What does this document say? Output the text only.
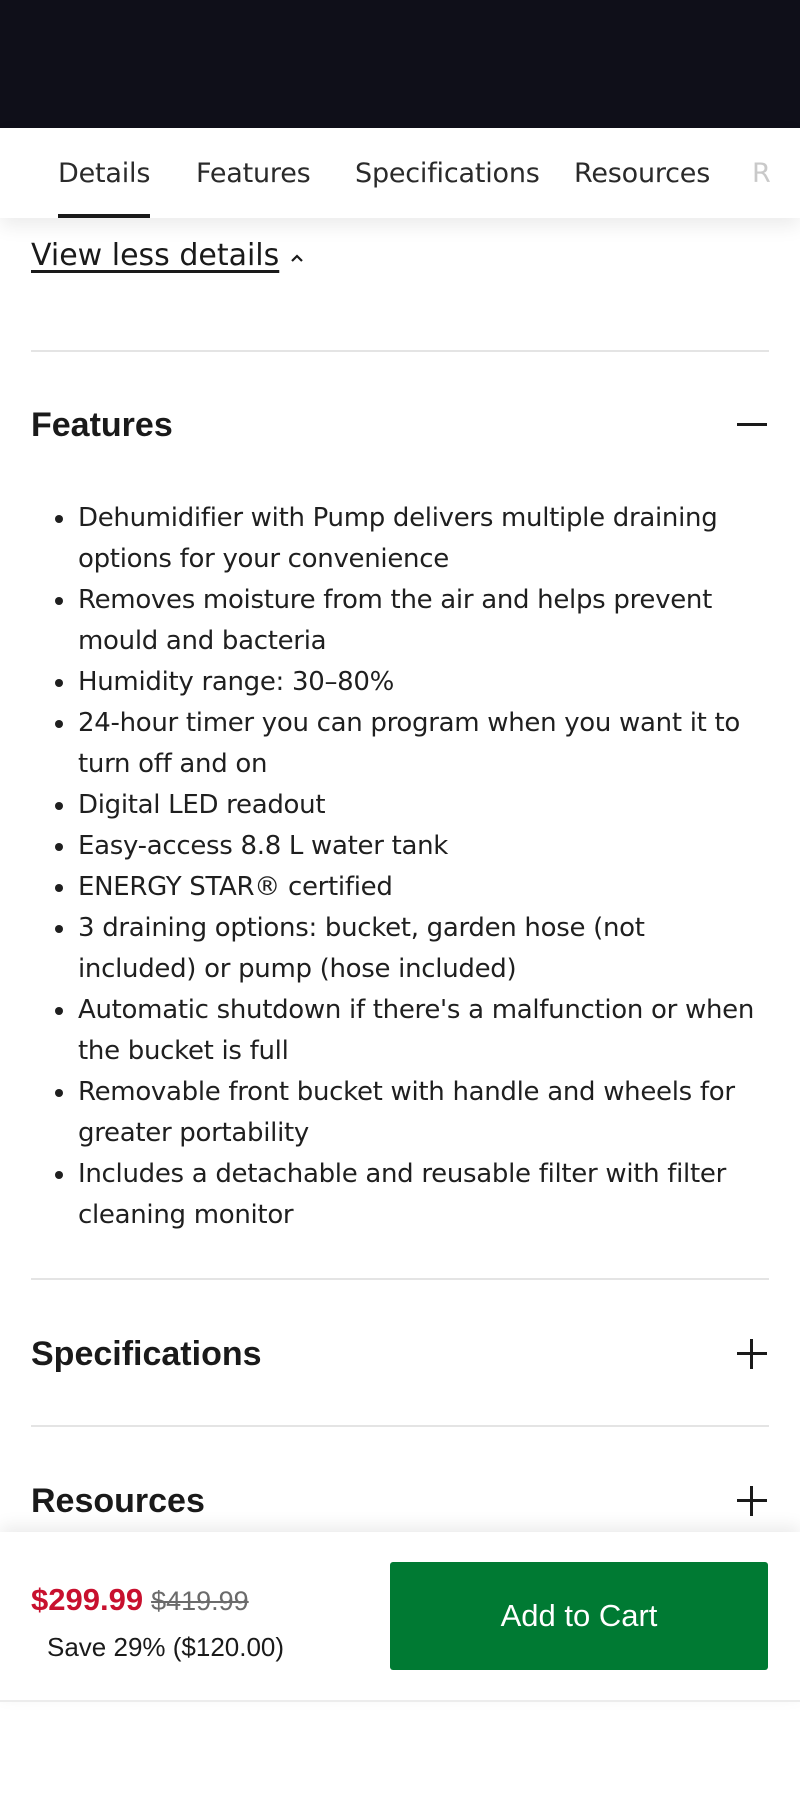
Details Features Specifications Resources R
View less details
Features
Dehumidifier with Pump delivers multiple draining options for your convenience
Removes moisture from the air and helps prevent mould and bacteria
Humidity range: 30–80%
24-hour timer you can program when you want it to turn off and on
Digital LED readout
Easy-access 8.8 L water tank
ENERGY STAR® certified
3 draining options: bucket, garden hose (not included) or pump (hose included)
Automatic shutdown if there's a malfunction or when the bucket is full
Removable front bucket with handle and wheels for greater portability
Includes a detachable and reusable filter with filter cleaning monitor
Specifications
Resources
$299.99 $419.99
Save 29% ($120.00)
Add to Cart
